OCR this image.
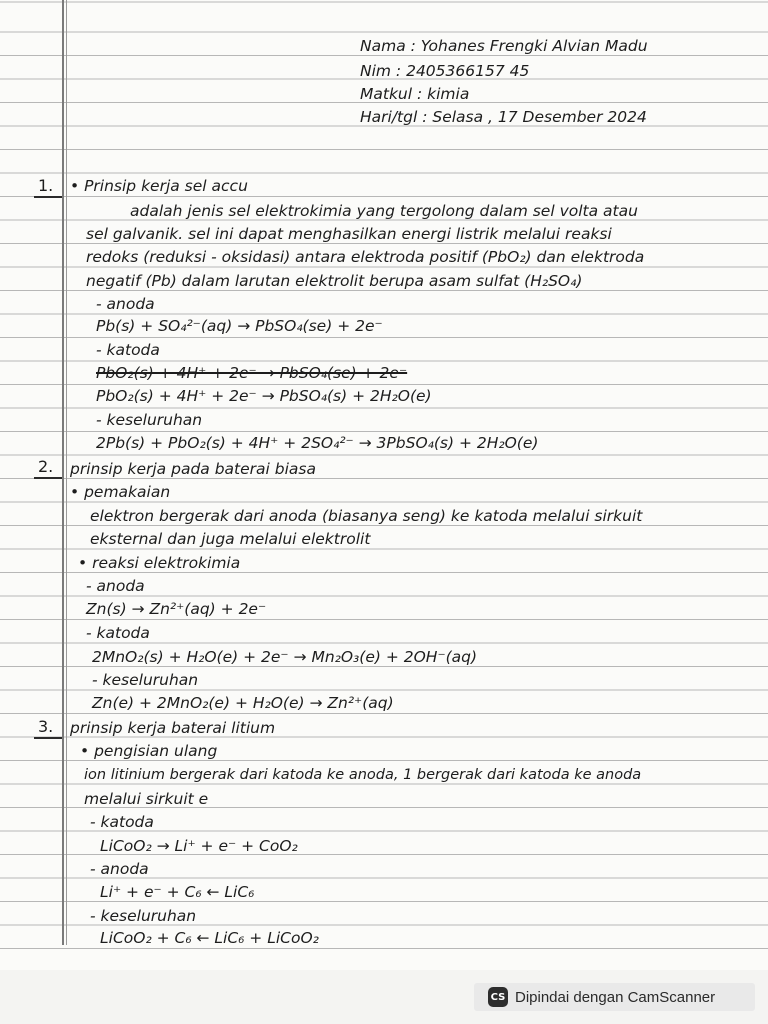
Nama : Yohanes Frengki Alvian Madu
Nim : 2405366157 45
Matkul : kimia
Hari/tgl : Selasa , 17 Desember 2024
1. • Prinsip kerja sel accu
adalah jenis sel elektrokimia yang tergolong dalam sel volta atau
sel galvanik. sel ini dapat menghasilkan energi listrik melalui reaksi
redoks (reduksi - oksidasi) antara elektroda positif (PbO₂) dan elektroda
negatif (Pb) dalam larutan elektrolit berupa asam sulfat (H₂SO₄)
- anoda
Pb(s) + SO₄²⁻(aq) → PbSO₄(se) + 2e⁻
- katoda
PbO₂(s) + 4H⁺ + 2e⁻ → PbSO₄(se) + 2e⁻
PbO₂(s) + 4H⁺ + 2e⁻ → PbSO₄(s) + 2H₂O(e)
- keseluruhan
2Pb(s) + PbO₂(s) + 4H⁺ + 2SO₄²⁻ → 3PbSO₄(s) + 2H₂O(e)
2. prinsip kerja pada baterai biasa
• pemakaian
elektron bergerak dari anoda (biasanya seng) ke katoda melalui sirkuit
eksternal dan juga melalui elektrolit
• reaksi elektrokimia
- anoda
Zn(s) → Zn²⁺(aq) + 2e⁻
- katoda
2MnO₂(s) + H₂O(e) + 2e⁻ → Mn₂O₃(e) + 2OH⁻(aq)
- keseluruhan
Zn(e) + 2MnO₂(e) + H₂O(e) → Zn²⁺(aq)
3. prinsip kerja baterai litium
• pengisian ulang
ion litinium bergerak dari katoda ke anoda, 1 bergerak dari katoda ke anoda
melalui sirkuit e
- katoda
LiCoO₂ → Li⁺ + e⁻ + CoO₂
- anoda
Li⁺ + e⁻ + C₆ ← LiC₆
- keseluruhan
LiCoO₂ + C₆ ← LiC₆ + LiCoO₂
CS Dipindai dengan CamScanner
